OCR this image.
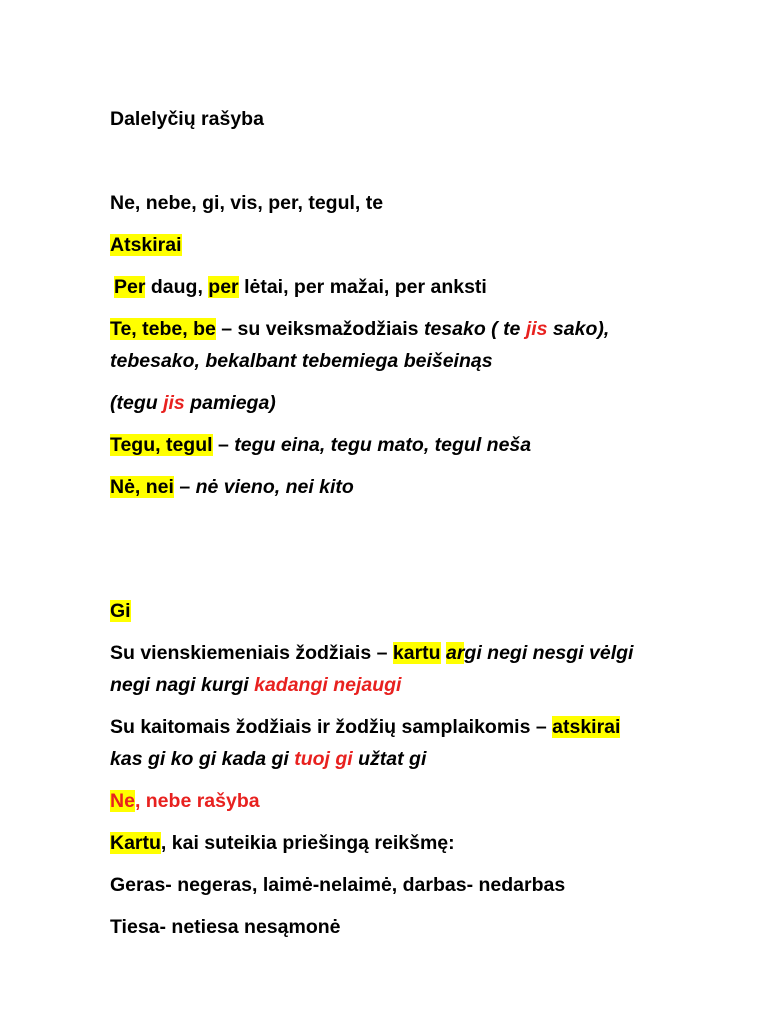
Dalelyčių rašyba
Ne, nebe, gi, vis, per, tegul, te
Atskirai
Per daug, per lėtai, per mažai, per anksti
Te, tebe, be – su veiksmažodžiais tesako ( te jis sako),
tebesako, bekalbant tebemiega beišeinąs
(tegu jis pamiega)
Tegu, tegul – tegu eina, tegu mato, tegul neša
Nė, nei – nė vieno, nei kito
Gi
Su vienskiemeniais žodžiais – kartu argi negi nesgi vėlgi
negi nagi kurgi kadangi nejaugi
Su kaitomais žodžiais ir žodžių samplaikomis – atskirai
kas gi ko gi kada gi tuoj gi užtat gi
Ne, nebe rašyba
Kartu, kai suteikia priešingą reikšmę:
Geras- negeras, laimė-nelaimė, darbas- nedarbas
Tiesa- netiesa nesąmonė
